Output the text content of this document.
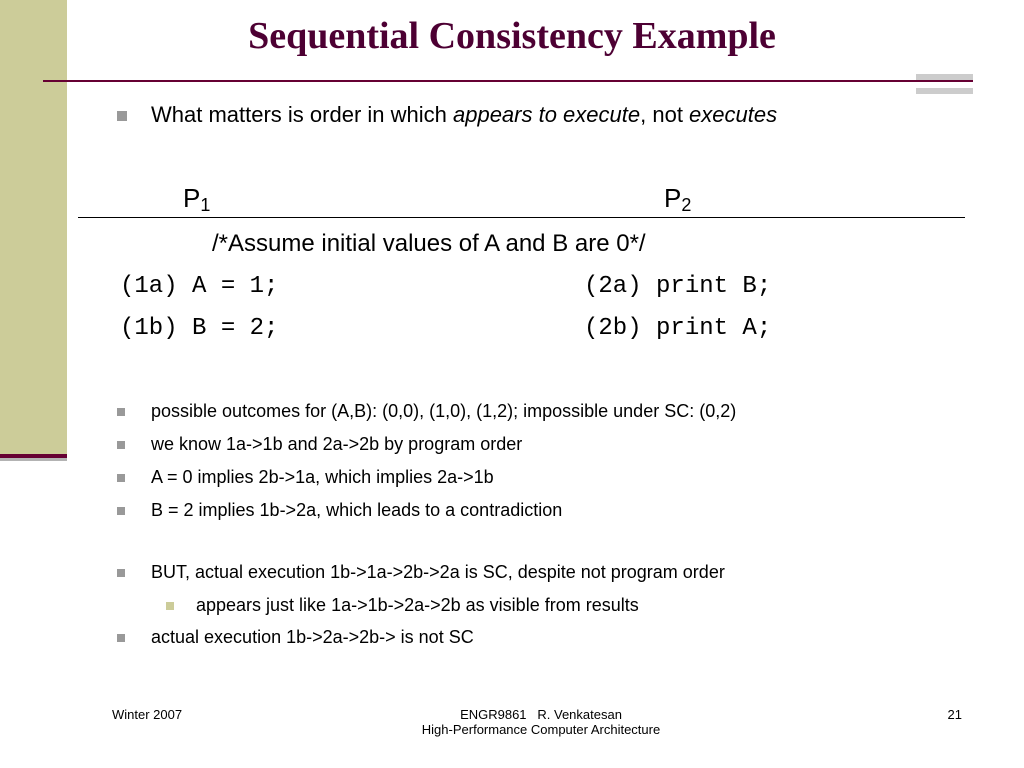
Sequential Consistency Example
What matters is order in which appears to execute, not executes
$P_1$	$P_2$
/*Assume initial values of A and B are 0*/
(1a) A = 1;	(2a) print B;
(1b) B = 2;	(2b) print A;
possible outcomes for (A,B): (0,0), (1,0), (1,2); impossible under SC: (0,2)
we know 1a->1b and 2a->2b by program order
A = 0 implies 2b->1a, which implies 2a->1b
B = 2 implies 1b->2a, which leads to a contradiction
BUT, actual execution 1b->1a->2b->2a is SC, despite not program order
appears just like 1a->1b->2a->2b as visible from results
actual execution 1b->2a->2b-> is not SC
Winter 2007	ENGR9861   R. Venkatesan
High-Performance Computer Architecture
21
